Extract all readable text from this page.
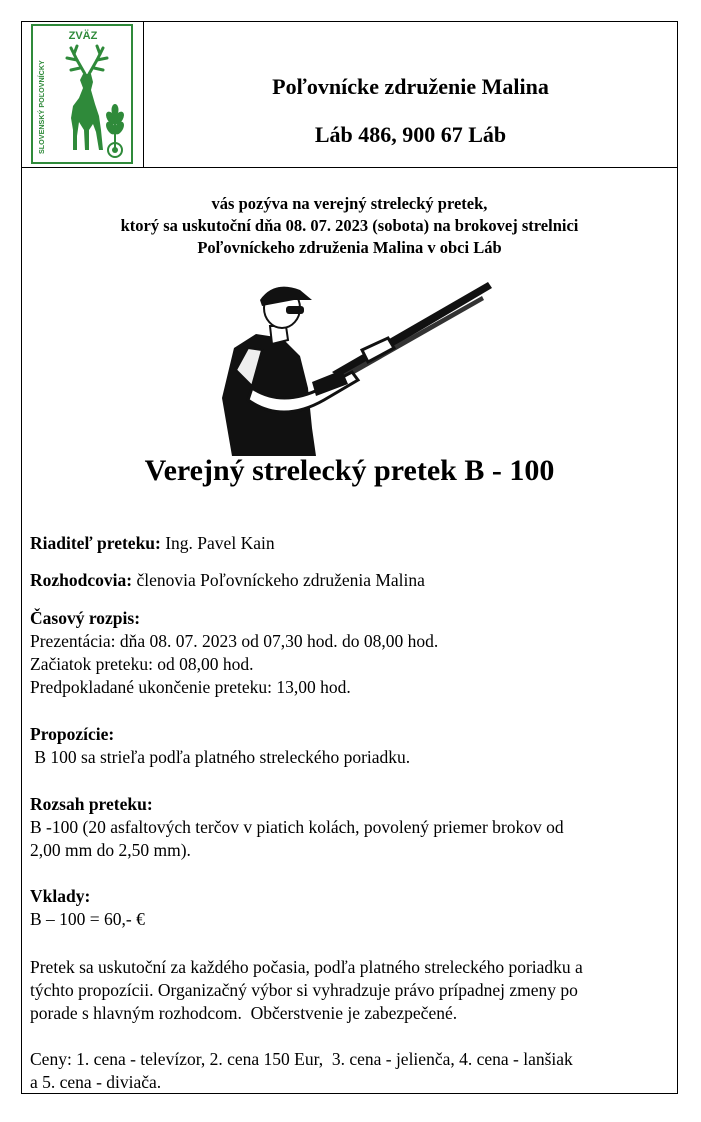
ZVÄZ
SLOVENSKÝ POĽOVNÍCKY	Poľovnícke združenie Malina
Láb 486, 900 67 Láb
vás pozýva na verejný strelecký pretek,
ktorý sa uskutoční dňa 08. 07. 2023 (sobota) na brokovej strelnici
Poľovníckeho združenia Malina v obci Láb
Verejný strelecký pretek B - 100
Riaditeľ preteku: Ing. Pavel Kain
Rozhodcovia: členovia Poľovníckeho združenia Malina
Časový rozpis:
Prezentácia: dňa 08. 07. 2023 od 07,30 hod. do 08,00 hod.
Začiatok preteku: od 08,00 hod.
Predpokladané ukončenie preteku: 13,00 hod.
Propozície:
B 100 sa strieľa podľa platného streleckého poriadku.
Rozsah preteku:
B -100 (20 asfaltových terčov v piatich kolách, povolený priemer brokov od
2,00 mm do 2,50 mm).
Vklady:
B – 100 = 60,- €
Pretek sa uskutoční za každého počasia, podľa platného streleckého poriadku a
týchto propozícii. Organizačný výbor si vyhradzuje právo prípadnej zmeny po
porade s hlavným rozhodcom.  Občerstvenie je zabezpečené.
Ceny: 1. cena - televízor, 2. cena 150 Eur,  3. cena - jelienča, 4. cena - lanšiak
a 5. cena - diviača.
